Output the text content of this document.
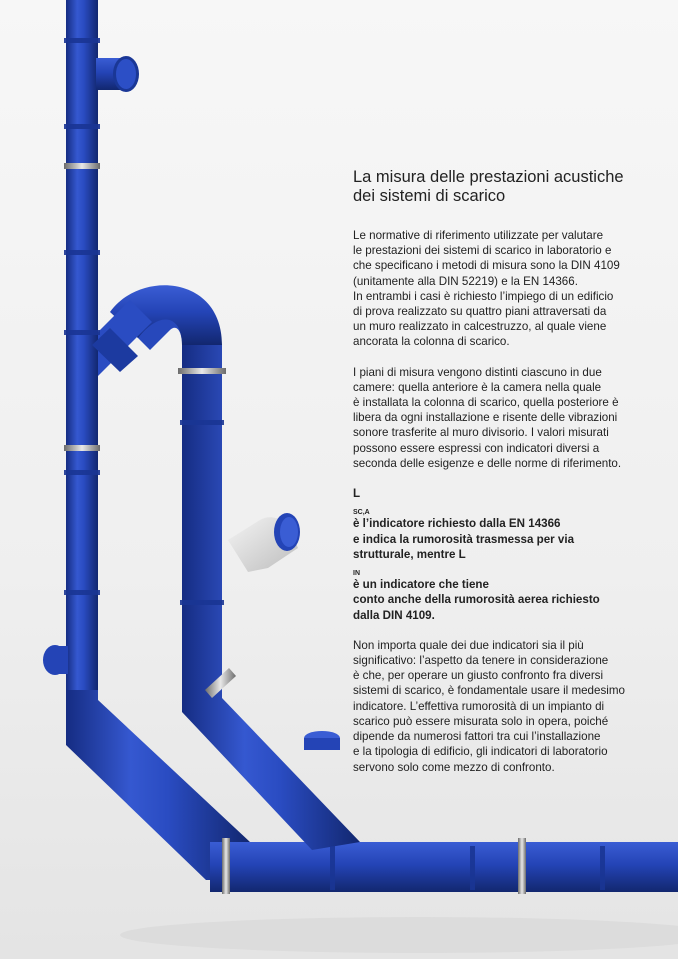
La misura delle prestazioni acustiche
dei sistemi di scarico

Le normative di riferimento utilizzate per valutare
le prestazioni dei sistemi di scarico in laboratorio e
che specificano i metodi di misura sono la DIN 4109
(unitamente alla DIN 52219) e la EN 14366.
In entrambi i casi è richiesto l’impiego di un edificio
di prova realizzato su quattro piani attraversati da
un muro realizzato in calcestruzzo, al quale viene
ancorata la colonna di scarico.

I piani di misura vengono distinti ciascuno in due
camere: quella anteriore è la camera nella quale
è installata la colonna di scarico, quella posteriore è
libera da ogni installazione e risente delle vibrazioni
sonore trasferite al muro divisorio. I valori misurati
possono essere espressi con indicatori diversi a
seconda delle esigenze e delle norme di riferimento.

L
$_{SC,A}$
è l’indicatore richiesto dalla EN 14366
e indica la rumorosità trasmessa per via
strutturale, mentre L
$_{IN}$
è un indicatore che tiene
conto anche della rumorosità aerea richiesto
dalla DIN 4109.

Non importa quale dei due indicatori sia il più
significativo: l’aspetto da tenere in considerazione
è che, per operare un giusto confronto fra diversi
sistemi di scarico, è fondamentale usare il medesimo
indicatore. L’effettiva rumorosità di un impianto di
scarico può essere misurata solo in opera, poiché
dipende da numerosi fattori tra cui l’installazione
e la tipologia di edificio, gli indicatori di laboratorio
servono solo come mezzo di confronto.
